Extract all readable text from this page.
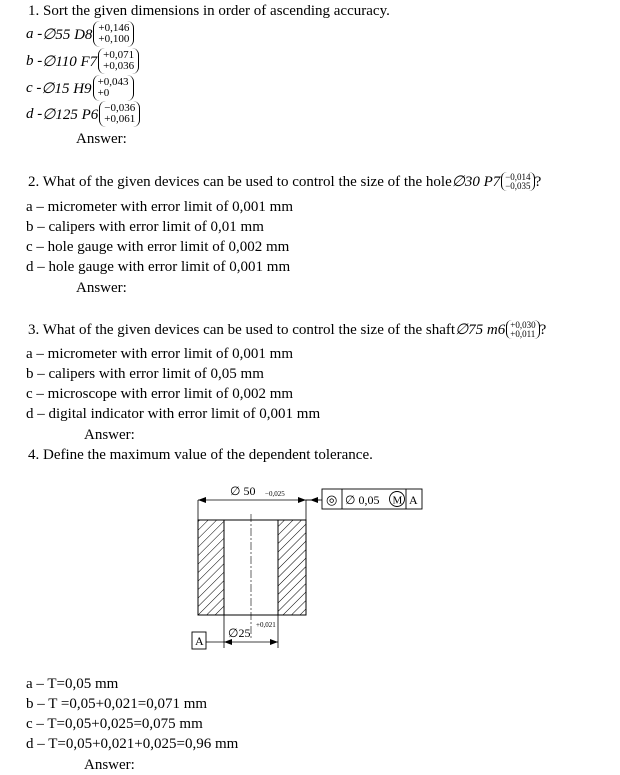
1. Sort the given dimensions in order of ascending accuracy.
a - ∅55 D8 +0,146
+0,100
b - ∅110 F7 +0,071
+0,036
c - ∅15 H9 +0,043
+0
d - ∅125 P6 −0,036
+0,061
Answer:
2. What of the given devices can be used to control the size of the hole ∅30 P7 −0,014
−0,035 ?
a – micrometer with error limit of 0,001 mm
b – calipers with error limit of 0,01 mm
c – hole gauge with error limit of 0,002 mm
d – hole gauge with error limit of 0,001 mm
Answer:
3. What of the given devices can be used to control the size of the shaft ∅75 m6 +0,030
+0,011 ?
a – micrometer with error limit of 0,001 mm
b – calipers with error limit of 0,05 mm
c – microscope with error limit of 0,002 mm
d – digital indicator with error limit of 0,001 mm
Answer:
4. Define the maximum value of the dependent tolerance.
∅ 50 −0,025	◎ ∅ 0,05 M A
∅25
+0,021
A
a – T=0,05 mm
b – T =0,05+0,021=0,071 mm
c – T=0,05+0,025=0,075 mm
d – T=0,05+0,021+0,025=0,96 mm
Answer:
